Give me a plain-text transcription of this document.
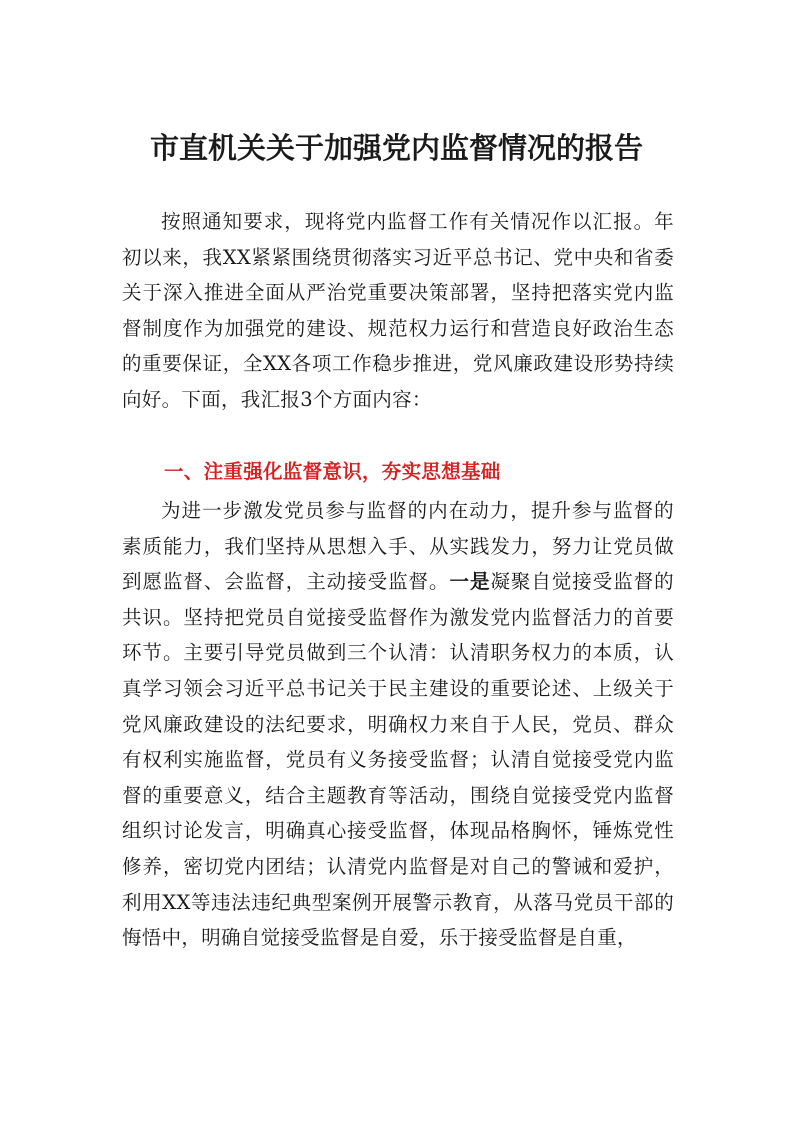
市直机关关于加强党内监督情况的报告

按照通知要求，现将党内监督工作有关情况作以汇报。年初以来，我XX紧紧围绕贯彻落实习近平总书记、党中央和省委关于深入推进全面从严治党重要决策部署，坚持把落实党内监督制度作为加强党的建设、规范权力运行和营造良好政治生态的重要保证，全XX各项工作稳步推进，党风廉政建设形势持续向好。下面，我汇报3个方面内容：

一、注重强化监督意识，夯实思想基础

为进一步激发党员参与监督的内在动力，提升参与监督的素质能力，我们坚持从思想入手、从实践发力，努力让党员做到愿监督、会监督，主动接受监督。一是凝聚自觉接受监督的共识。坚持把党员自觉接受监督作为激发党内监督活力的首要环节。主要引导党员做到三个认清：认清职务权力的本质，认真学习领会习近平总书记关于民主建设的重要论述、上级关于党风廉政建设的法纪要求，明确权力来自于人民，党员、群众有权利实施监督，党员有义务接受监督；认清自觉接受党内监督的重要意义，结合主题教育等活动，围绕自觉接受党内监督组织讨论发言，明确真心接受监督，体现品格胸怀，锤炼党性修养，密切党内团结；认清党内监督是对自己的警诫和爱护，利用XX等违法违纪典型案例开展警示教育，从落马党员干部的悔悟中，明确自觉接受监督是自爱，乐于接受监督是自重，
